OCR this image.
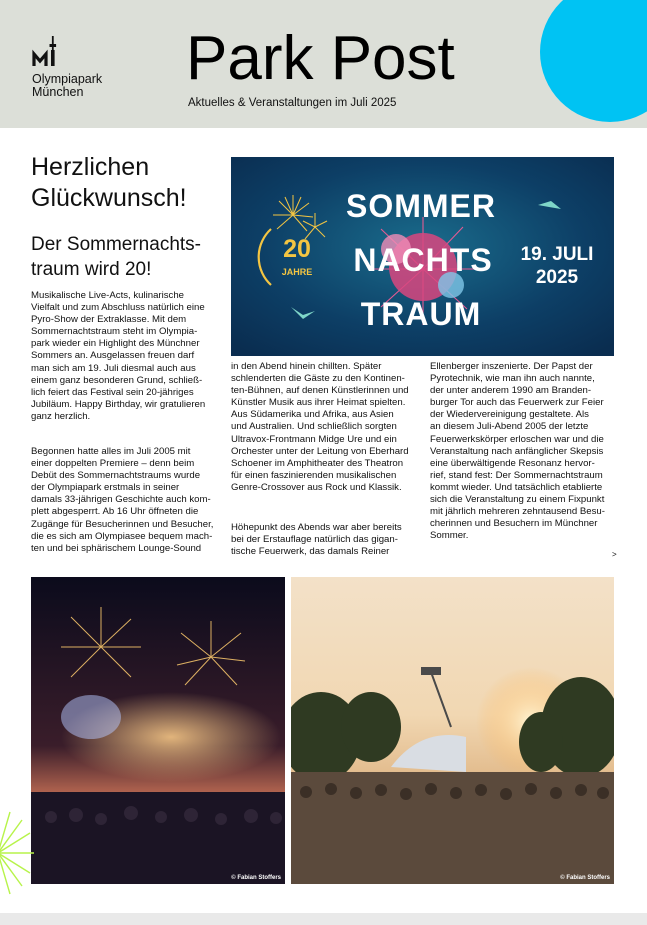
Olympiapark
München Park Post
Aktuelles & Veranstaltungen im Juli 2025
Herzlichen Glückwunsch!
Der Sommernachts-traum wird 20!
Musikalische Live-Acts, kulinarische
Vielfalt und zum Abschluss natürlich eine
Pyro-Show der Extraklasse. Mit dem
Sommernachtstraum steht im Olympia-
park wieder ein Highlight des Münchner
Sommers an. Ausgelassen freuen darf
man sich am 19. Juli diesmal auch aus
einem ganz besonderen Grund, schließ-
lich feiert das Festival sein 20-jähriges
Jubiläum. Happy Birthday, wir gratulieren
ganz herzlich.
Begonnen hatte alles im Juli 2005 mit
einer doppelten Premiere – denn beim
Debüt des Sommernachtstraums wurde
der Olympiapark erstmals in seiner
damals 33-jährigen Geschichte auch kom-
plett abgesperrt. Ab 16 Uhr öffneten die
Zugänge für Besucherinnen und Besucher,
die es sich am Olympiasee bequem mach-
ten und bei sphärischem Lounge-Sound
in den Abend hinein chillten. Später
schlenderten die Gäste zu den Kontinen-
ten-Bühnen, auf denen Künstlerinnen und
Künstler Musik aus ihrer Heimat spielten.
Aus Südamerika und Afrika, aus Asien
und Australien. Und schließlich sorgten
Ultravox-Frontmann Midge Ure und ein
Orchester unter der Leitung von Eberhard
Schoener im Amphitheater des Theatron
für einen faszinierenden musikalischen
Genre-Crossover aus Rock und Klassik.
Höhepunkt des Abends war aber bereits
bei der Erstauflage natürlich das gigan-
tische Feuerwerk, das damals Reiner
Ellenberger inszenierte. Der Papst der
Pyrotechnik, wie man ihn auch nannte,
der unter anderem 1990 am Branden-
burger Tor auch das Feuerwerk zur Feier
der Wiedervereinigung gestaltete. Als
an diesem Juli-Abend 2005 der letzte
Feuerwerkskörper erloschen war und die
Veranstaltung nach anfänglicher Skepsis
eine überwältigende Resonanz hervor-
rief, stand fest: Der Sommernachtstraum
kommt wieder. Und tatsächlich etablierte
sich die Veranstaltung zu einem Fixpunkt
mit jährlich mehreren zehntausend Besu-
cherinnen und Besuchern im Münchner
Sommer.
>
20
JAHRE
SOMMER
NACHTS
TRAUM
19. JULI
2025
© Fabian Stoffers	© Fabian Stoffers
